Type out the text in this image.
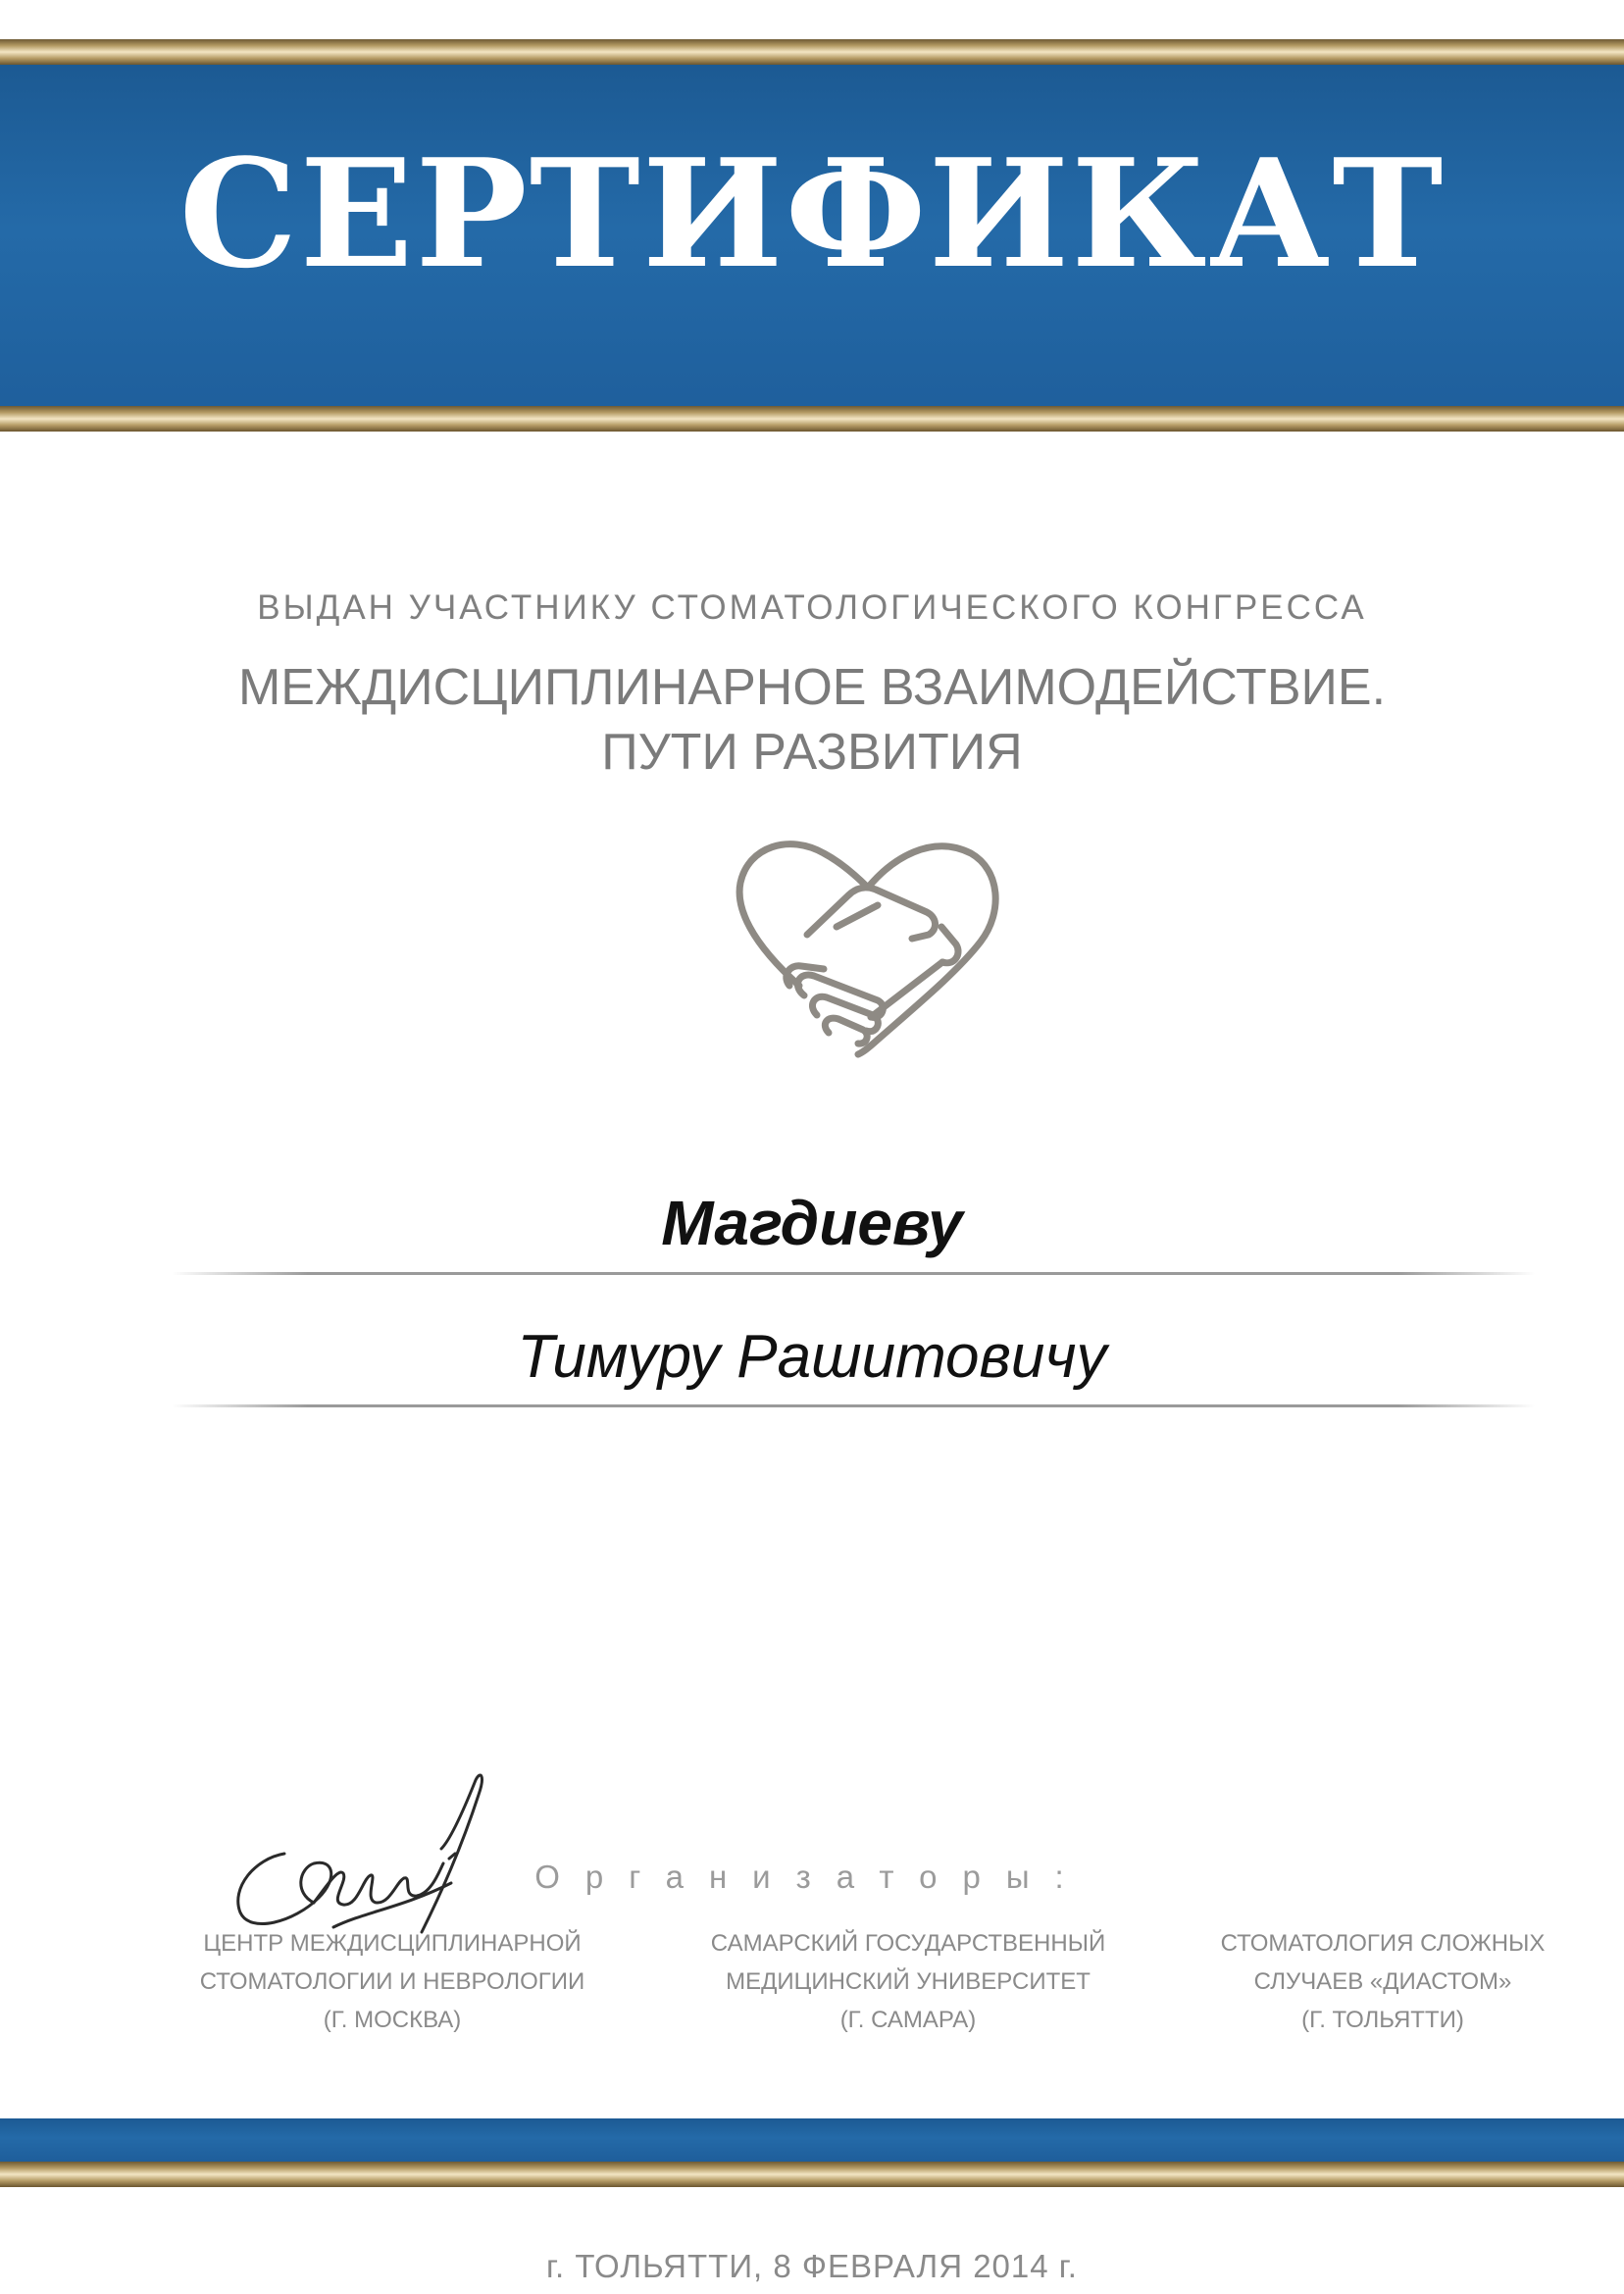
СЕРТИФИКАТ
ВЫДАН УЧАСТНИКУ СТОМАТОЛОГИЧЕСКОГО КОНГРЕССА
МЕЖДИСЦИПЛИНАРНОЕ ВЗАИМОДЕЙСТВИЕ.
ПУТИ РАЗВИТИЯ
Магдиеву
Тимуру Рашитовичу
Организаторы:
ЦЕНТР МЕЖДИСЦИПЛИНАРНОЙ
СТОМАТОЛОГИИ И НЕВРОЛОГИИ
(Г. МОСКВА)
САМАРСКИЙ ГОСУДАРСТВЕННЫЙ
МЕДИЦИНСКИЙ УНИВЕРСИТЕТ
(Г. САМАРА)
СТОМАТОЛОГИЯ СЛОЖНЫХ
СЛУЧАЕВ «ДИАСТОМ»
(Г. ТОЛЬЯТТИ)
г. ТОЛЬЯТТИ, 8 ФЕВРАЛЯ 2014 г.
